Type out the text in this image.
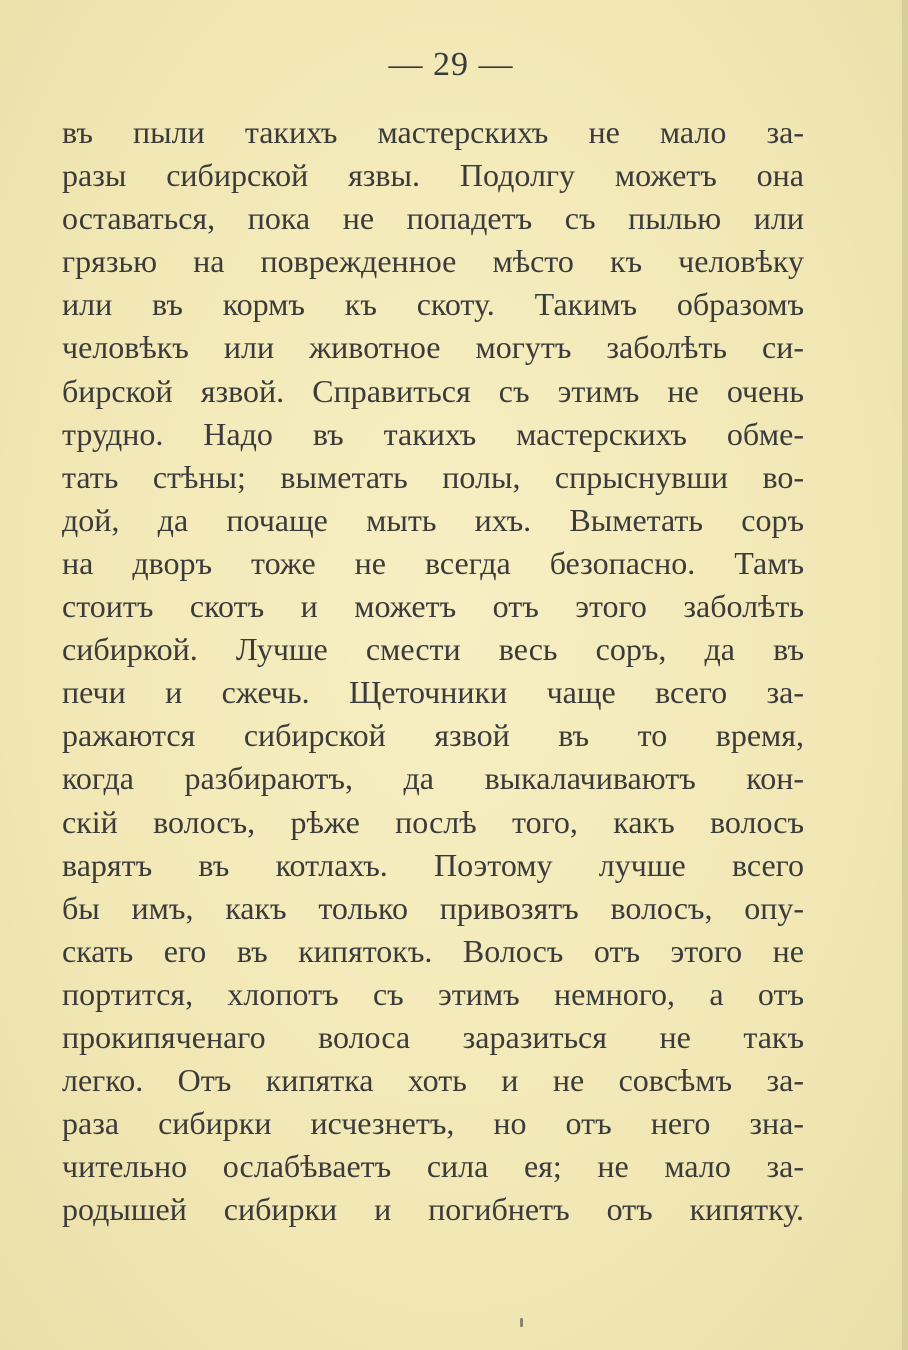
— 29 —
въ пыли такихъ мастерскихъ не мало за-
разы сибирской язвы. Подолгу можетъ она
оставаться, пока не попадетъ съ пылью или
грязью на поврежденное мѣсто къ человѣку
или въ кормъ къ скоту. Такимъ образомъ
человѣкъ или животное могутъ заболѣть си-
бирской язвой. Справиться съ этимъ не очень
трудно. Надо въ такихъ мастерскихъ обме-
тать стѣны; выметать полы, спрыснувши во-
дой, да почаще мыть ихъ. Выметать соръ
на дворъ тоже не всегда безопасно. Тамъ
стоитъ скотъ и можетъ отъ этого заболѣть
сибиркой. Лучше смести весь соръ, да въ
печи и сжечь. Щеточники чаще всего за-
ражаются сибирской язвой въ то время,
когда разбираютъ, да выкалачиваютъ кон-
скій волосъ, рѣже послѣ того, какъ волосъ
варятъ въ котлахъ. Поэтому лучше всего
бы имъ, какъ только привозятъ волосъ, опу-
скать его въ кипятокъ. Волосъ отъ этого не
портится, хлопотъ съ этимъ немного, а отъ
прокипяченаго волоса заразиться не такъ
легко. Отъ кипятка хоть и не совсѣмъ за-
раза сибирки исчезнетъ, но отъ него зна-
чительно ослабѣваетъ сила ея; не мало за-
родышей сибирки и погибнетъ отъ кипятку.
